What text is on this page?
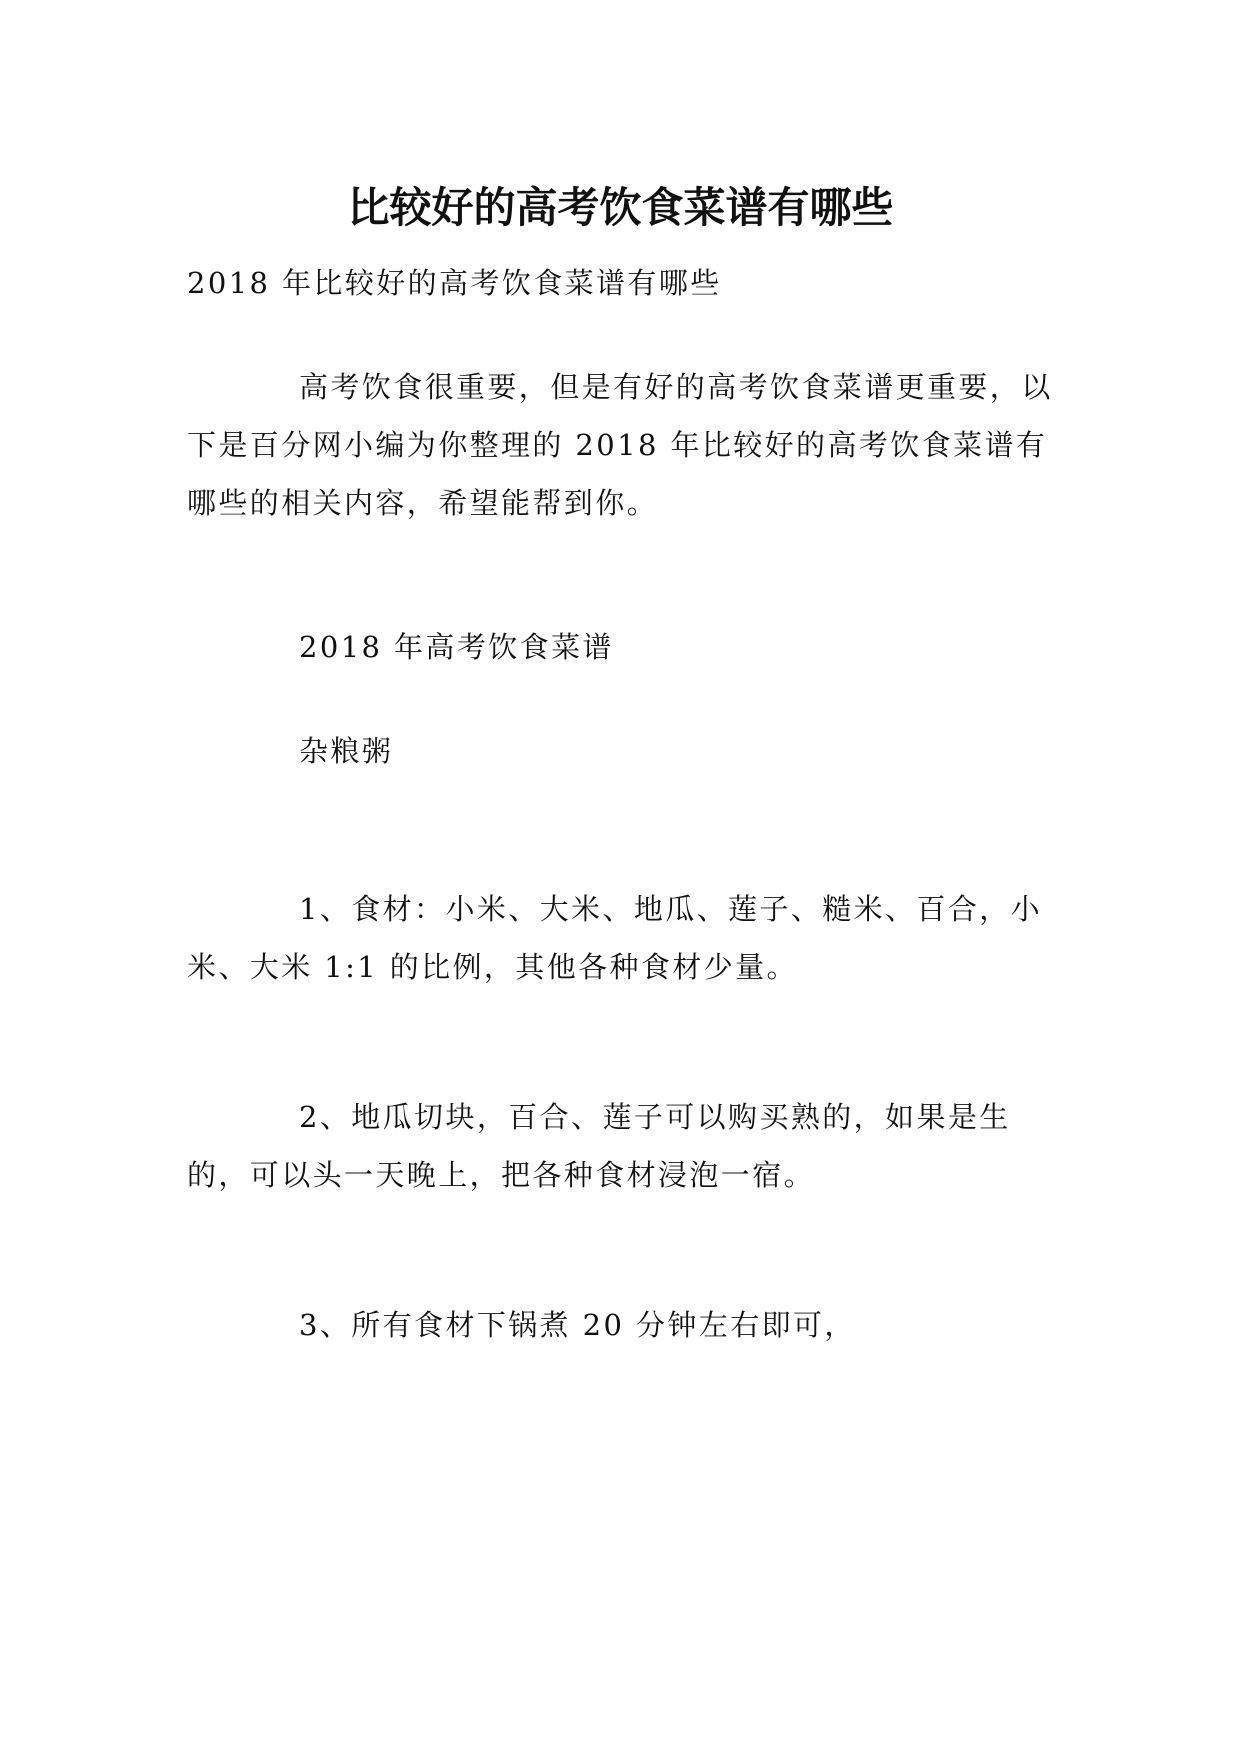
比较好的高考饮食菜谱有哪些

2018 年比较好的高考饮食菜谱有哪些

高考饮食很重要，但是有好的高考饮食菜谱更重要，以下是百分网小编为你整理的 2018 年比较好的高考饮食菜谱有哪些的相关内容，希望能帮到你。

2018 年高考饮食菜谱

杂粮粥

1、食材：小米、大米、地瓜、莲子、糙米、百合，小米、大米 1:1 的比例，其他各种食材少量。

2、地瓜切块，百合、莲子可以购买熟的，如果是生的，可以头一天晚上，把各种食材浸泡一宿。

3、所有食材下锅煮 20 分钟左右即可，
